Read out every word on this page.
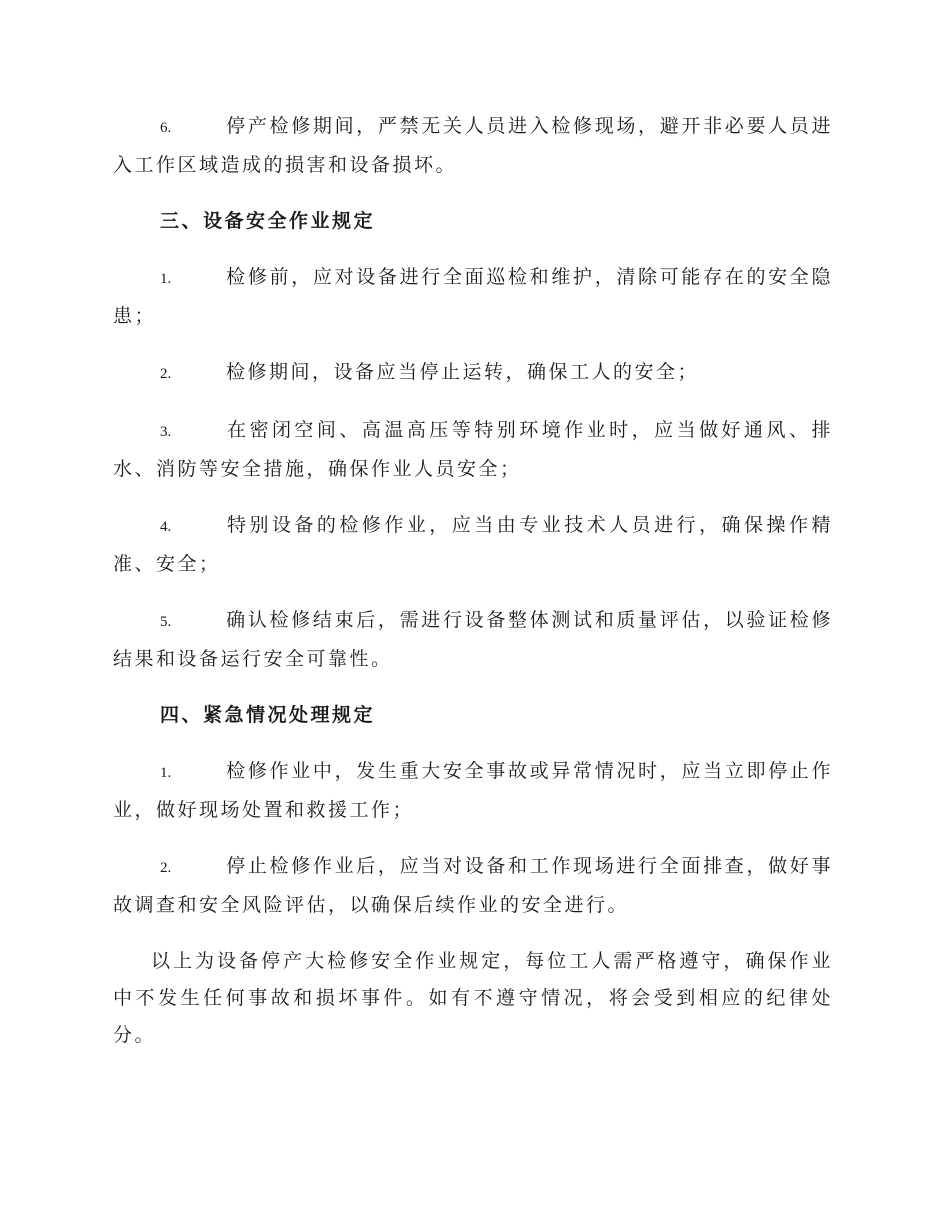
6.	停产检修期间，严禁无关人员进入检修现场，避开非必要人员进入工作区域造成的损害和设备损坏。
三、设备安全作业规定
1.	检修前，应对设备进行全面巡检和维护，清除可能存在的安全隐患；
2.	检修期间，设备应当停止运转，确保工人的安全；
3.	在密闭空间、高温高压等特别环境作业时，应当做好通风、排水、消防等安全措施，确保作业人员安全；
4.	特别设备的检修作业，应当由专业技术人员进行，确保操作精准、安全；
5.	确认检修结束后，需进行设备整体测试和质量评估，以验证检修结果和设备运行安全可靠性。
四、紧急情况处理规定
1.	检修作业中，发生重大安全事故或异常情况时，应当立即停止作业，做好现场处置和救援工作；
2.	停止检修作业后，应当对设备和工作现场进行全面排查，做好事故调查和安全风险评估，以确保后续作业的安全进行。
以上为设备停产大检修安全作业规定，每位工人需严格遵守，确保作业中不发生任何事故和损坏事件。如有不遵守情况，将会受到相应的纪律处分。
